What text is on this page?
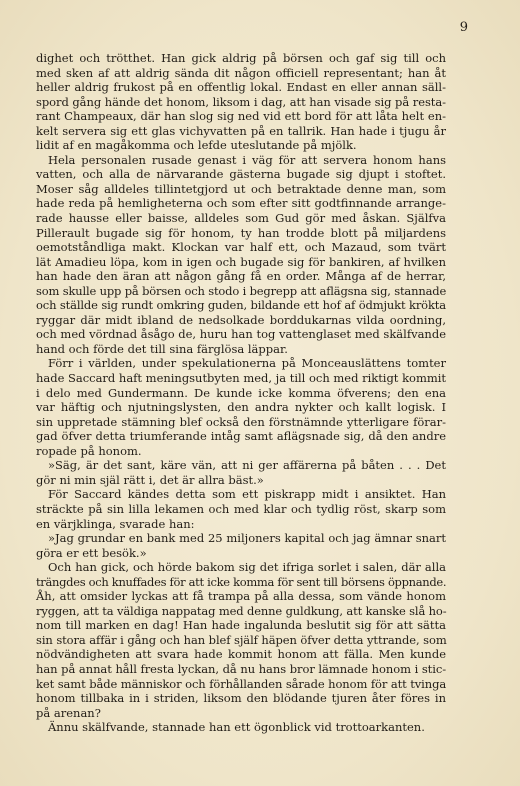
9
dighet och trötthet. Han gick aldrig på börsen och gaf sig till och
med sken af att aldrig sända dit någon officiell representant; han åt
heller aldrig frukost på en offentlig lokal. Endast en eller annan säll-
spord gång hände det honom, liksom i dag, att han visade sig på resta-
rant Champeaux, där han slog sig ned vid ett bord för att låta helt en-
kelt servera sig ett glas vichyvatten på en tallrik. Han hade i tjugu år
lidit af en magåkomma och lefde uteslutande på mjölk.
Hela personalen rusade genast i väg för att servera honom hans
vatten, och alla de närvarande gästerna bugade sig djupt i stoftet.
Moser såg alldeles tillintetgjord ut och betraktade denne man, som
hade reda på hemligheterna och som efter sitt godtfinnande arrange-
rade hausse eller baisse, alldeles som Gud gör med åskan. Själfva
Pillerault bugade sig för honom, ty han trodde blott på miljardens
oemotståndliga makt. Klockan var half ett, och Mazaud, som tvärt
lät Amadieu löpa, kom in igen och bugade sig för bankiren, af hvilken
han hade den äran att någon gång få en order. Många af de herrar,
som skulle upp på börsen och stodo i begrepp att aflägsna sig, stannade
och ställde sig rundt omkring guden, bildande ett hof af ödmjukt krökta
ryggar där midt ibland de nedsolkade borddukarnas vilda oordning,
och med vördnad åsågo de, huru han tog vattenglaset med skälfvande
hand och förde det till sina färglösa läppar.
Förr i världen, under spekulationerna på Monceauslättens tomter
hade Saccard haft meningsutbyten med, ja till och med riktigt kommit
i delo med Gundermann. De kunde icke komma öfverens; den ena
var häftig och njutningslysten, den andra nykter och kallt logisk. I
sin uppretade stämning blef också den förstnämnde ytterligare förar-
gad öfver detta triumferande intåg samt aflägsnade sig, då den andre
ropade på honom.
»Säg, är det sant, käre vän, att ni ger affärerna på båten . . . Det
gör ni min själ rätt i, det är allra bäst.»
För Saccard kändes detta som ett piskrapp midt i ansiktet. Han
sträckte på sin lilla lekamen och med klar och tydlig röst, skarp som
en värjklinga, svarade han:
»Jag grundar en bank med 25 miljoners kapital och jag ämnar snart
göra er ett besök.»
Och han gick, och hörde bakom sig det ifriga sorlet i salen, där alla
trängdes och knuffades för att icke komma för sent till börsens öppnande.
Åh, att omsider lyckas att få trampa på alla dessa, som vände honom
ryggen, att ta väldiga nappatag med denne guldkung, att kanske slå ho-
nom till marken en dag! Han hade ingalunda beslutit sig för att sätta
sin stora affär i gång och han blef själf häpen öfver detta yttrande, som
nödvändigheten att svara hade kommit honom att fälla. Men kunde
han på annat håll fresta lyckan, då nu hans bror lämnade honom i stic-
ket samt både människor och förhållanden sårade honom för att tvinga
honom tillbaka in i striden, liksom den blödande tjuren åter föres in
på arenan?
Ännu skälfvande, stannade han ett ögonblick vid trottoarkanten.
